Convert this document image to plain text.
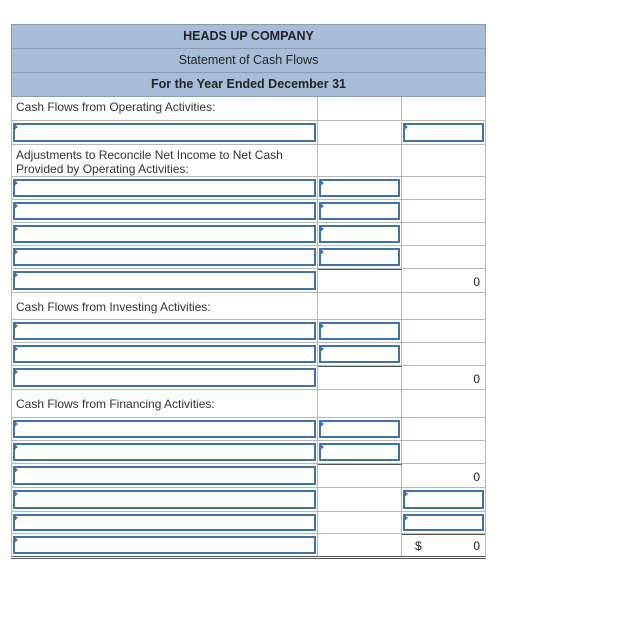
HEADS UP COMPANY
Statement of Cash Flows
For the Year Ended December 31
Cash Flows from Operating Activities:
Adjustments to Reconcile Net Income to Net Cash Provided by Operating Activities:
0
Cash Flows from Investing Activities:
0
Cash Flows from Financing Activities:
0
$	0
